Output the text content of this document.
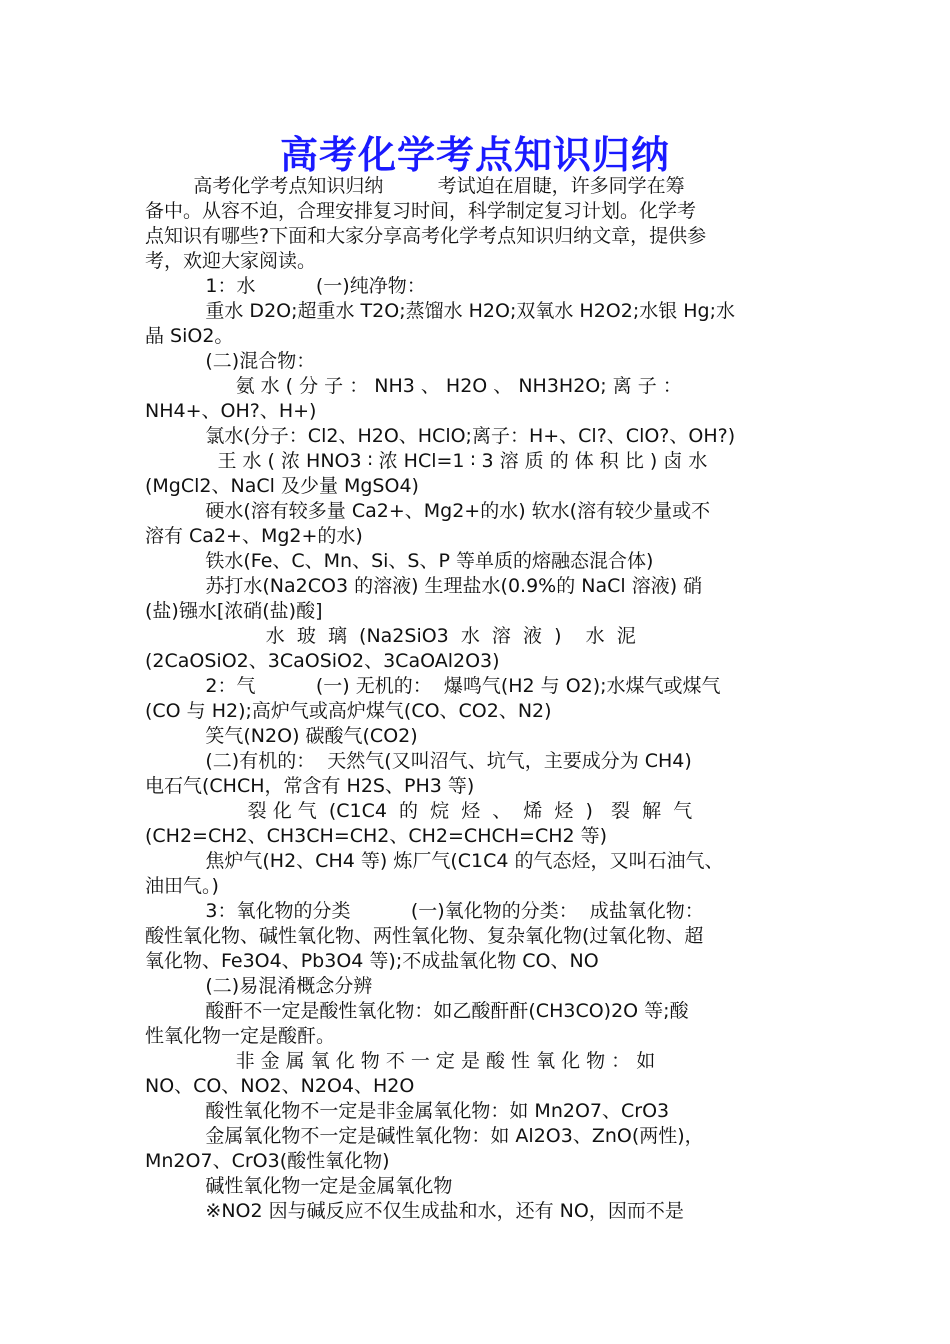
高考化学考点知识归纳
高考化学考点知识归纳         考试迫在眉睫，许多同学在筹
备中。从容不迫，合理安排复习时间，科学制定复习计划。化学考
点知识有哪些?下面和大家分享高考化学考点知识归纳文章，提供参
考，欢迎大家阅读。
1：水          (一)纯净物：
重水 D2O;超重水 T2O;蒸馏水 H2O;双氧水 H2O2;水银 Hg;水
晶 SiO2。
(二)混合物：
氨 水 ( 分 子 ： NH3 、 H2O 、 NH3H2O; 离 子 ：
NH4+、OH?、H+)
氯水(分子：Cl2、H2O、HClO;离子：H+、Cl?、ClO?、OH?)
王 水 ( 浓 HNO3 ∶ 浓 HCl=1 ∶ 3 溶 质 的 体 积 比 ) 卤 水
(MgCl2、NaCl 及少量 MgSO4)
硬水(溶有较多量 Ca2+、Mg2+的水) 软水(溶有较少量或不
溶有 Ca2+、Mg2+的水)
铁水(Fe、C、Mn、Si、S、P 等单质的熔融态混合体)
苏打水(Na2CO3 的溶液) 生理盐水(0.9%的 NaCl 溶液) 硝
(盐)镪水[浓硝(盐)酸]
水  玻  璃  (Na2SiO3  水  溶  液  )    水  泥
(2CaOSiO2、3CaOSiO2、3CaOAl2O3)
2：气          (一) 无机的：  爆鸣气(H2 与 O2);水煤气或煤气
(CO 与 H2);高炉气或高炉煤气(CO、CO2、N2)
笑气(N2O) 碳酸气(CO2)
(二)有机的：  天然气(又叫沼气、坑气，主要成分为 CH4)
电石气(CHCH，常含有 H2S、PH3 等)
裂 化 气  (C1C4  的  烷  烃  、  烯  烃  )   裂  解  气
(CH2=CH2、CH3CH=CH2、CH2=CHCH=CH2 等)
焦炉气(H2、CH4 等) 炼厂气(C1C4 的气态烃，又叫石油气、
油田气。)
3：氧化物的分类          (一)氧化物的分类：  成盐氧化物：
酸性氧化物、碱性氧化物、两性氧化物、复杂氧化物(过氧化物、超
氧化物、Fe3O4、Pb3O4 等);不成盐氧化物 CO、NO
(二)易混淆概念分辨
酸酐不一定是酸性氧化物：如乙酸酐酐(CH3CO)2O 等;酸
性氧化物一定是酸酐。
非 金 属 氧 化 物 不 一 定 是 酸 性 氧 化 物 ： 如
NO、CO、NO2、N2O4、H2O
酸性氧化物不一定是非金属氧化物：如 Mn2O7、CrO3
金属氧化物不一定是碱性氧化物：如 Al2O3、ZnO(两性)，
Mn2O7、CrO3(酸性氧化物)
碱性氧化物一定是金属氧化物
※NO2 因与碱反应不仅生成盐和水，还有 NO，因而不是
